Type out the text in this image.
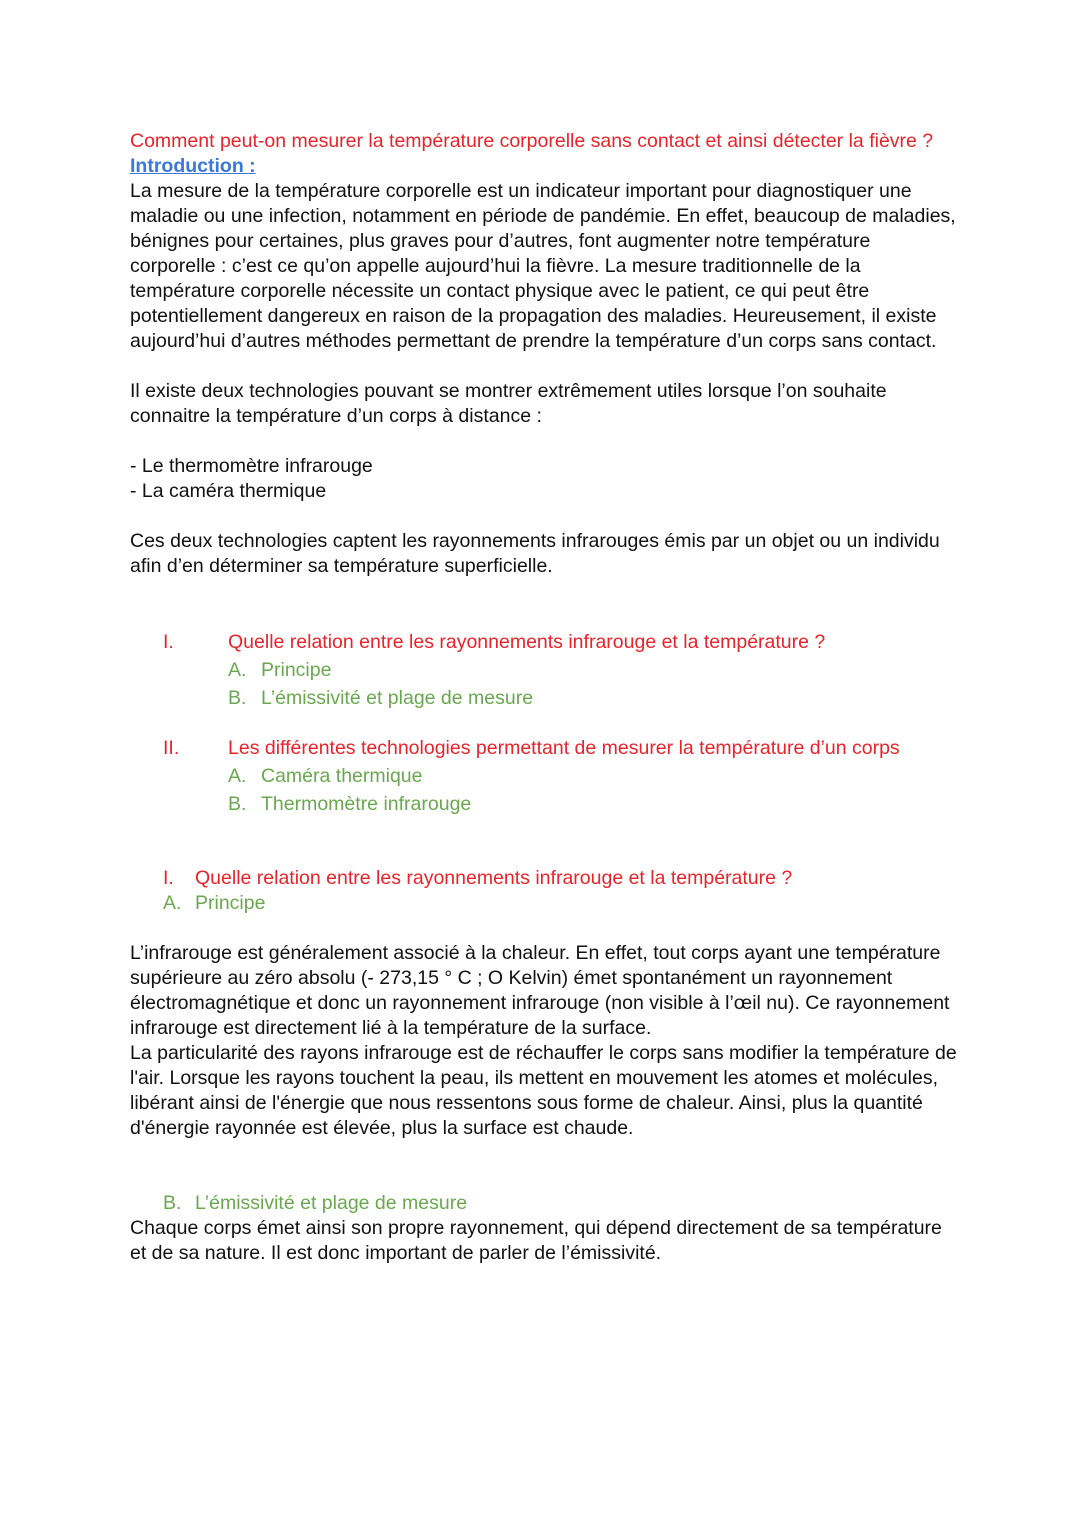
Comment peut-on mesurer la température corporelle sans contact et ainsi détecter la fièvre ?

Introduction :

La mesure de la température corporelle est un indicateur important pour diagnostiquer une maladie ou une infection, notamment en période de pandémie. En effet, beaucoup de maladies, bénignes pour certaines, plus graves pour d’autres, font augmenter notre température corporelle : c’est ce qu’on appelle aujourd’hui la fièvre. La mesure traditionnelle de la température corporelle nécessite un contact physique avec le patient, ce qui peut être potentiellement dangereux en raison de la propagation des maladies. Heureusement, il existe aujourd’hui d’autres méthodes permettant de prendre la température d’un corps sans contact.

Il existe deux technologies pouvant se montrer extrêmement utiles lorsque l’on souhaite connaitre la température d’un corps à distance :

- Le thermomètre infrarouge

- La caméra thermique

Ces deux technologies captent les rayonnements infrarouges émis par un objet ou un individu afin d’en déterminer sa température superficielle.

I.	Quelle relation entre les rayonnements infrarouge et la température ?
A. Principe
B. L’émissivité et plage de mesure
II.	Les différentes technologies permettant de mesurer la température d’un corps
A. Caméra thermique
B. Thermomètre infrarouge

I. Quelle relation entre les rayonnements infrarouge et la température ?

A. Principe

L’infrarouge est généralement associé à la chaleur. En effet, tout corps ayant une température supérieure au zéro absolu (- 273,15 ° C ; O Kelvin) émet spontanément un rayonnement électromagnétique et donc un rayonnement infrarouge (non visible à l’œil nu). Ce rayonnement infrarouge est directement lié à la température de la surface.

La particularité des rayons infrarouge est de réchauffer le corps sans modifier la température de l'air. Lorsque les rayons touchent la peau, ils mettent en mouvement les atomes et molécules, libérant ainsi de l'énergie que nous ressentons sous forme de chaleur. Ainsi, plus la quantité d'énergie rayonnée est élevée, plus la surface est chaude.

B. L’émissivité et plage de mesure

Chaque corps émet ainsi son propre rayonnement, qui dépend directement de sa température et de sa nature. Il est donc important de parler de l’émissivité.
